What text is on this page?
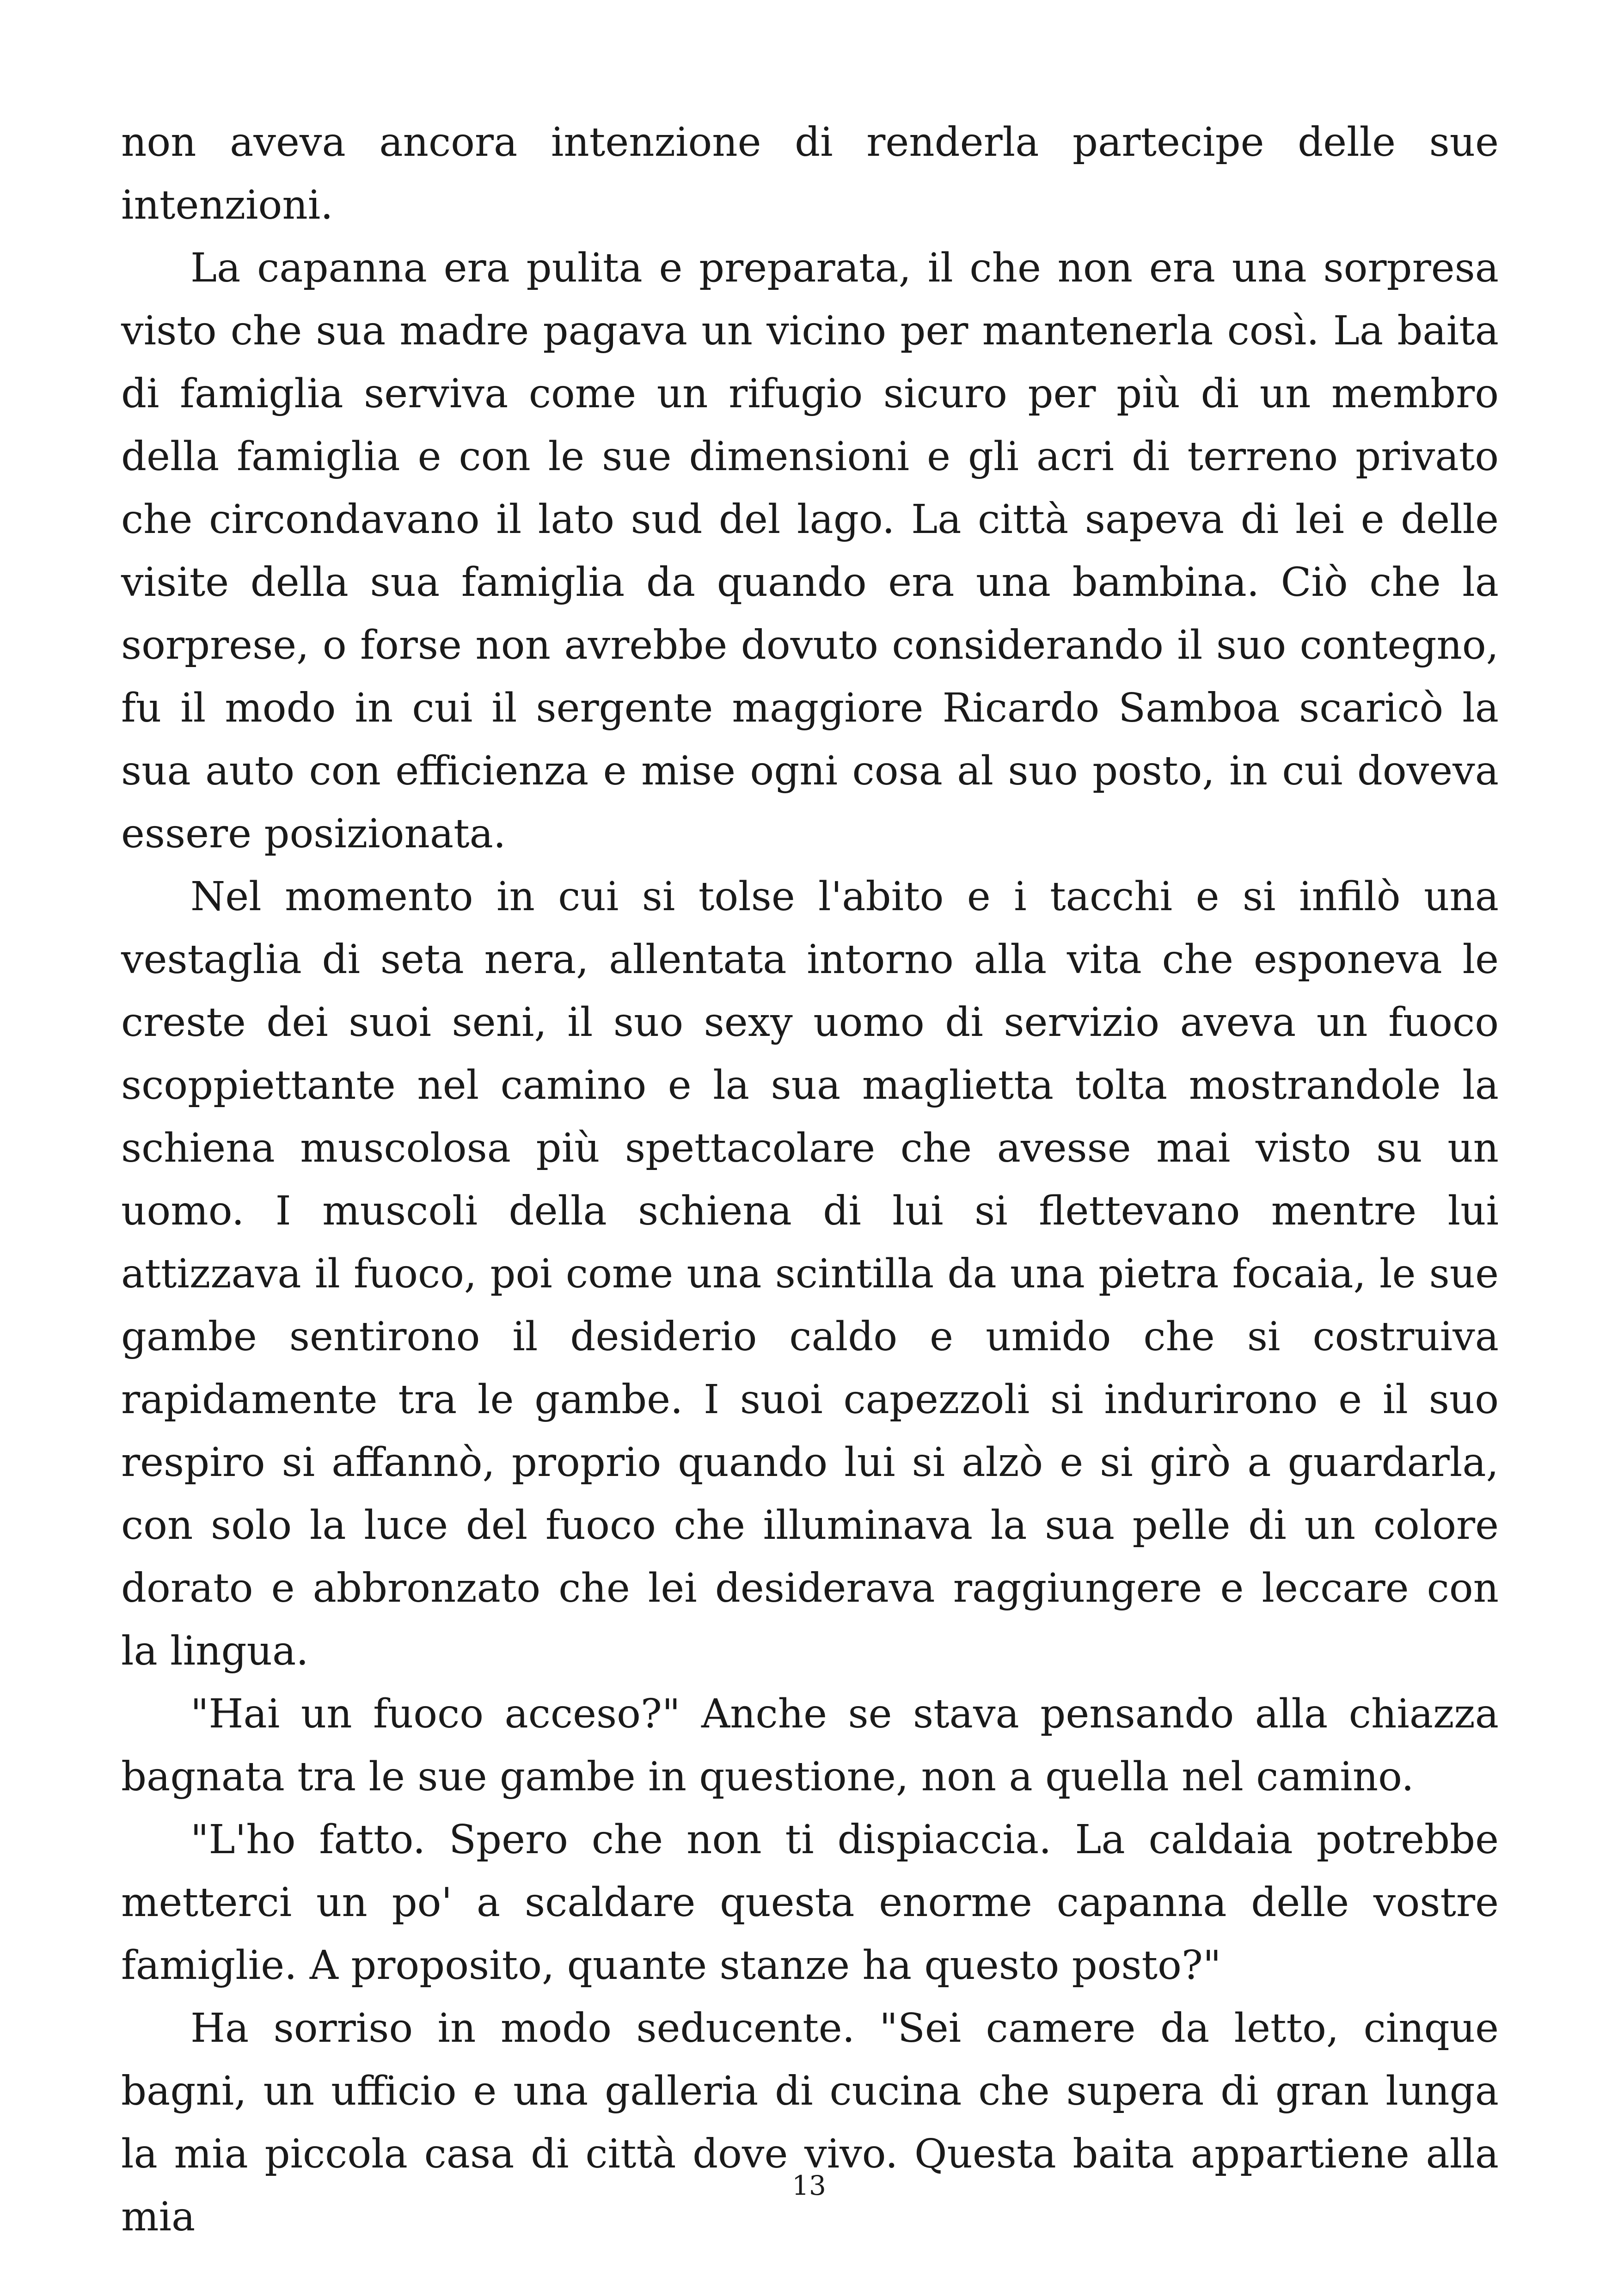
non aveva ancora intenzione di renderla partecipe delle sue intenzioni.

La capanna era pulita e preparata, il che non era una sorpresa visto che sua madre pagava un vicino per mantenerla così. La baita di famiglia serviva come un rifugio sicuro per più di un membro della famiglia e con le sue dimensioni e gli acri di terreno privato che circondavano il lato sud del lago. La città sapeva di lei e delle visite della sua famiglia da quando era una bambina. Ciò che la sorprese, o forse non avrebbe dovuto considerando il suo contegno, fu il modo in cui il sergente maggiore Ricardo Samboa scaricò la sua auto con efficienza e mise ogni cosa al suo posto, in cui doveva essere posizionata.

Nel momento in cui si tolse l'abito e i tacchi e si infilò una vestaglia di seta nera, allentata intorno alla vita che esponeva le creste dei suoi seni, il suo sexy uomo di servizio aveva un fuoco scoppiettante nel camino e la sua maglietta tolta mostrandole la schiena muscolosa più spettacolare che avesse mai visto su un uomo. I muscoli della schiena di lui si flettevano mentre lui attizzava il fuoco, poi come una scintilla da una pietra focaia, le sue gambe sentirono il desiderio caldo e umido che si costruiva rapidamente tra le gambe. I suoi capezzoli si indurirono e il suo respiro si affannò, proprio quando lui si alzò e si girò a guardarla, con solo la luce del fuoco che illuminava la sua pelle di un colore dorato e abbronzato che lei desiderava raggiungere e leccare con la lingua.

"Hai un fuoco acceso?" Anche se stava pensando alla chiazza bagnata tra le sue gambe in questione, non a quella nel camino.

"L'ho fatto. Spero che non ti dispiaccia. La caldaia potrebbe metterci un po' a scaldare questa enorme capanna delle vostre famiglie. A proposito, quante stanze ha questo posto?"

Ha sorriso in modo seducente. "Sei camere da letto, cinque bagni, un ufficio e una galleria di cucina che supera di gran lunga la mia piccola casa di città dove vivo. Questa baita appartiene alla mia

13
